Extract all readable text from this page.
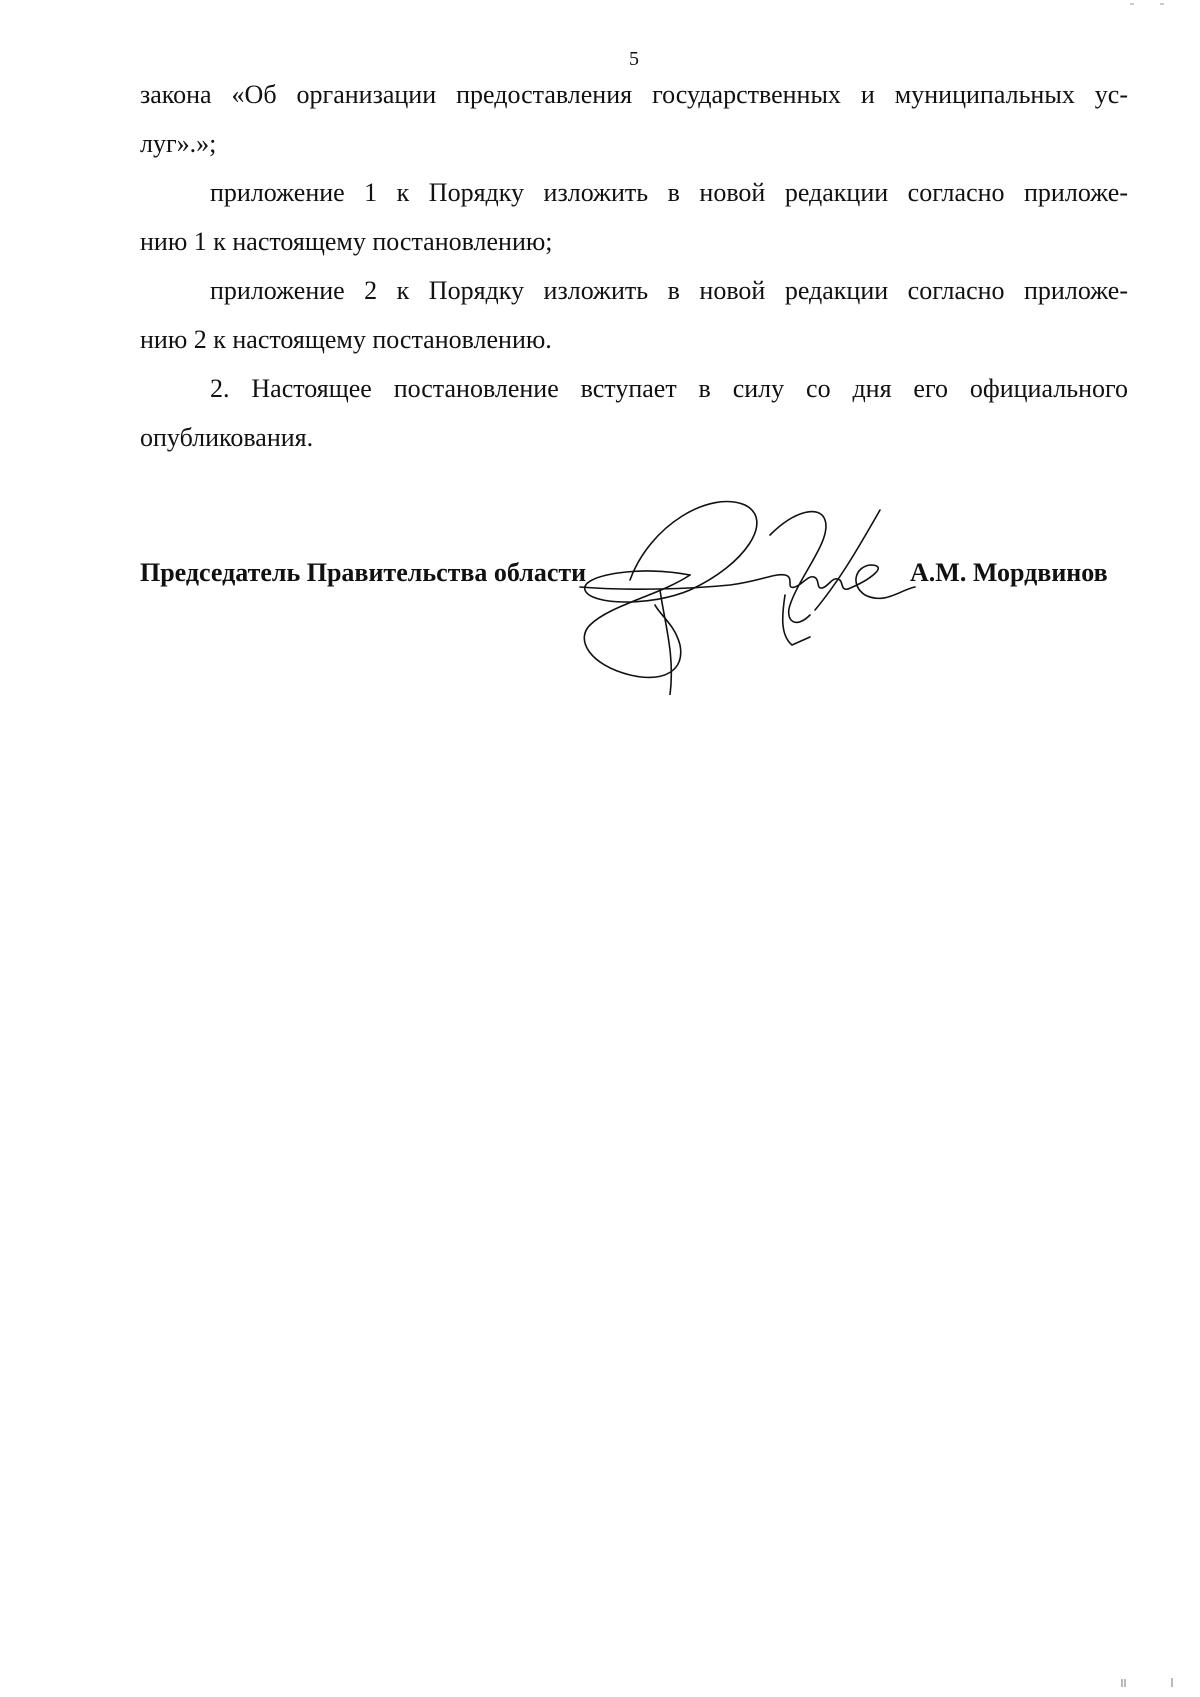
5
закона «Об организации предоставления государственных и муниципальных ус-
луг».»;
приложение 1 к Порядку изложить в новой редакции согласно приложе-
нию 1 к настоящему постановлению;
приложение 2 к Порядку изложить в новой редакции согласно приложе-
нию 2 к настоящему постановлению.
2. Настоящее постановление вступает в силу со дня его официального
опубликования.
Председатель Правительства области	А.М. Мордвинов
